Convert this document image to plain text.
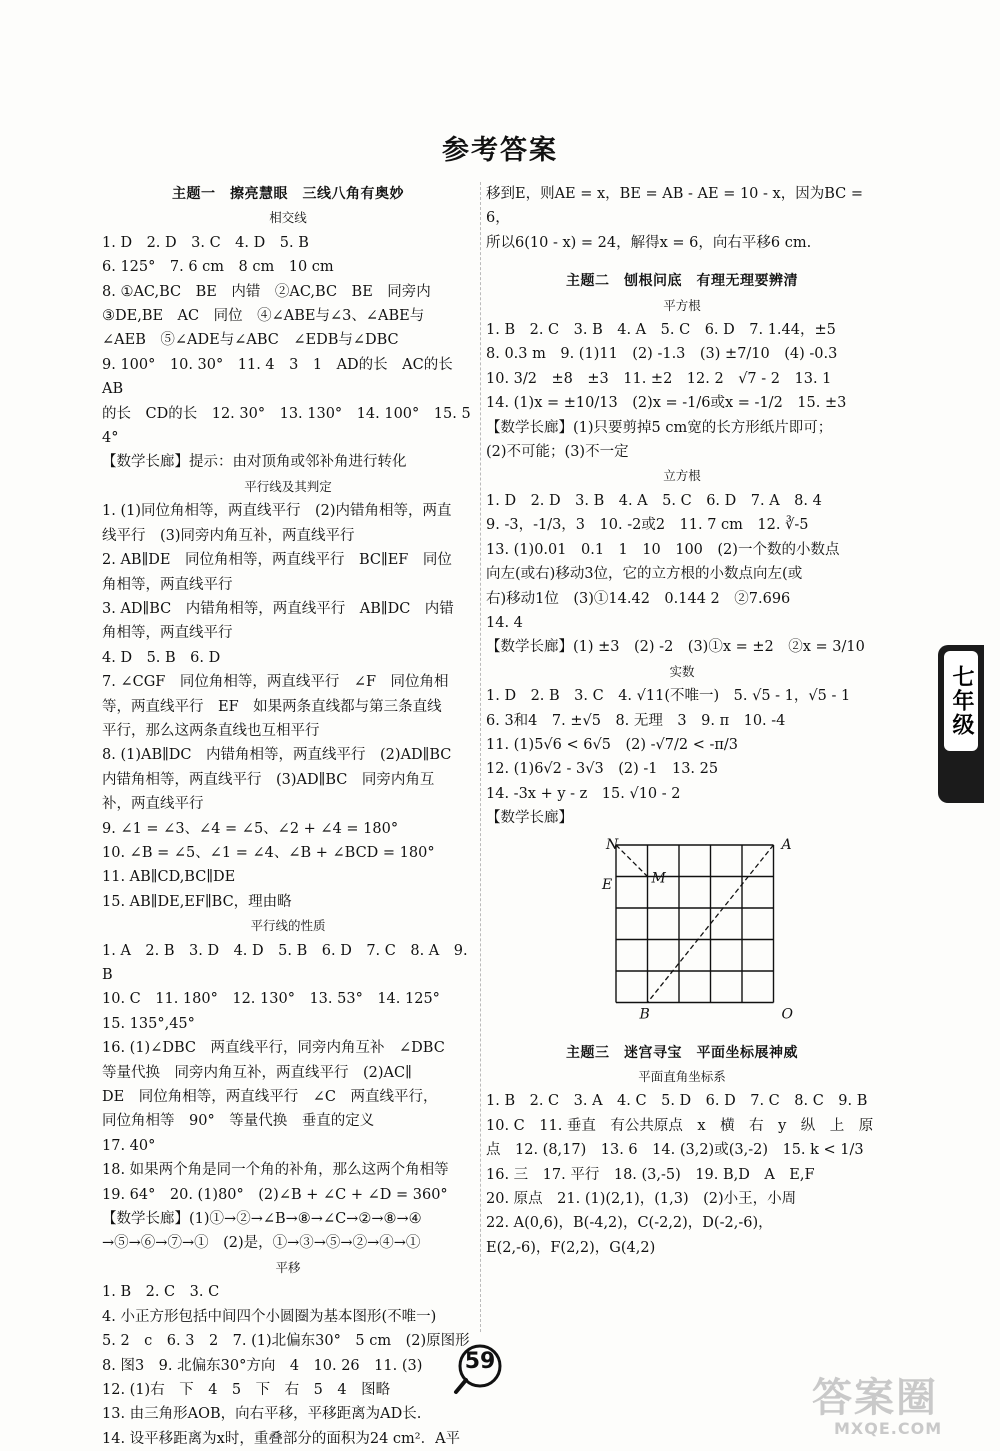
参考答案
主题一　擦亮慧眼　三线八角有奥妙
相交线
1. D　2. D　3. C　4. D　5. B
6. 125°　7. 6 cm　8 cm　10 cm
8. ①AC,BC　BE　内错　②AC,BC　BE　同旁内
③DE,BE　AC　同位　④∠ABE与∠3、∠ABE与
∠AEB　⑤∠ADE与∠ABC　∠EDB与∠DBC
9. 100°　10. 30°　11. 4　3　1　AD的长　AC的长　AB
的长　CD的长　12. 30°　13. 130°　14. 100°　15. 54°
【数学长廊】提示：由对顶角或邻补角进行转化
平行线及其判定
1. (1)同位角相等，两直线平行　(2)内错角相等，两直
线平行　(3)同旁内角互补，两直线平行
2. AB∥DE　同位角相等，两直线平行　BC∥EF　同位
角相等，两直线平行
3. AD∥BC　内错角相等，两直线平行　AB∥DC　内错
角相等，两直线平行
4. D　5. B　6. D
7. ∠CGF　同位角相等，两直线平行　∠F　同位角相
等，两直线平行　EF　如果两条直线都与第三条直线
平行，那么这两条直线也互相平行
8. (1)AB∥DC　内错角相等，两直线平行　(2)AD∥BC
内错角相等，两直线平行　(3)AD∥BC　同旁内角互
补，两直线平行
9. ∠1 = ∠3、∠4 = ∠5、∠2 + ∠4 = 180°
10. ∠B = ∠5、∠1 = ∠4、∠B + ∠BCD = 180°
11. AB∥CD,BC∥DE
15. AB∥DE,EF∥BC，理由略
平行线的性质
1. A　2. B　3. D　4. D　5. B　6. D　7. C　8. A　9. B
10. C　11. 180°　12. 130°　13. 53°　14. 125°
15. 135°,45°
16. (1)∠DBC　两直线平行，同旁内角互补　∠DBC
等量代换　同旁内角互补，两直线平行　(2)AC∥
DE　同位角相等，两直线平行　∠C　两直线平行，
同位角相等　90°　等量代换　垂直的定义
17. 40°
18. 如果两个角是同一个角的补角，那么这两个角相等
19. 64°　20. (1)80°　(2)∠B + ∠C + ∠D = 360°
【数学长廊】(1)①→②→∠B→⑧→∠C→②→⑧→④
→⑤→⑥→⑦→①　(2)是，①→③→⑤→②→④→①
平移
1. B　2. C　3. C
4. 小正方形包括中间四个小圆圈为基本图形(不唯一)
5. 2　c　6. 3　2　7. (1)北偏东30°　5 cm　(2)原图形
8. 图3　9. 北偏东30°方向　4　10. 26　11. (3)
12. (1)右　下　4　5　下　右　5　4　图略
13. 由三角形AOB，向右平移，平移距离为AD长.
14. 设平移距离为x时，重叠部分的面积为24 cm²．A平
移到E，则AE = x，BE = AB - AE = 10 - x，因为BC = 6，
所以6(10 - x) = 24，解得x = 6，向右平移6 cm.
主题二　刨根问底　有理无理要辨清
平方根
1. B　2. C　3. B　4. A　5. C　6. D　7. 1.44，±5
8. 0.3 m　9. (1)11　(2) -1.3　(3) ±7/10　(4) -0.3
10. 3/2　±8　±3　11. ±2　12. 2　√7 - 2　13. 1
14. (1)x = ±10/13　(2)x = -1/6或x = -1/2　15. ±3
【数学长廊】(1)只要剪掉5 cm宽的长方形纸片即可；
(2)不可能；(3)不一定
立方根
1. D　2. D　3. B　4. A　5. C　6. D　7. A　8. 4
9. -3，-1/3，3　10. -2或2　11. 7 cm　12. ∛-5
13. (1)0.01　0.1　1　10　100　(2)一个数的小数点
向左(或右)移动3位，它的立方根的小数点向左(或
右)移动1位　(3)①14.42　0.144 2　②7.696
14. 4
【数学长廊】(1) ±3　(2) -2　(3)①x = ±2　②x = 3/10
实数
1. D　2. B　3. C　4. √11(不唯一)　5. √5 - 1，√5 - 1
6. 3和4　7. ±√5　8. 无理　3　9. π　10. -4
11. (1)5√6 < 6√5　(2) -√7/2 < -π/3
12. (1)6√2 - 3√3　(2) -1　13. 25
14. -3x + y - z　15. √10 - 2
【数学长廊】
N	A
M
E
B	O
主题三　迷宫寻宝　平面坐标展神威
平面直角坐标系
1. B　2. C　3. A　4. C　5. D　6. D　7. C　8. C　9. B
10. C　11. 垂直　有公共原点　x　横　右　y　纵　上　原
点　12. (8,17)　13. 6　14. (3,2)或(3,-2)　15. k < 1/3
16. 三　17. 平行　18. (3,-5)　19. B,D　A　E,F
20. 原点　21. (1)(2,1)，(1,3)　(2)小王，小周
22. A(0,6)，B(-4,2)，C(-2,2)，D(-2,-6)，
E(2,-6)，F(2,2)，G(4,2)
七年级
59
答案圈
MXQE.COM
